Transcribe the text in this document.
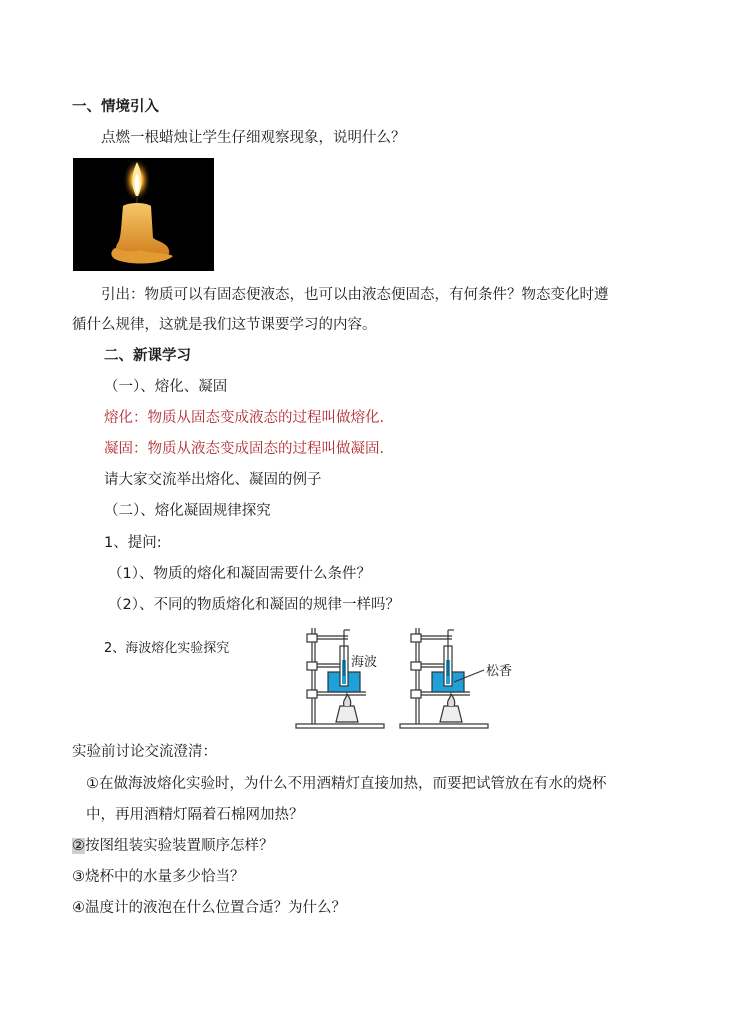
一、情境引入
点燃一根蜡烛让学生仔细观察现象，说明什么？
引出：物质可以有固态便液态，也可以由液态便固态，有何条件？物态变化时遵
循什么规律，这就是我们这节课要学习的内容。
二、新课学习
（一）、熔化、凝固
熔化：物质从固态变成液态的过程叫做熔化.
凝固：物质从液态变成固态的过程叫做凝固.
请大家交流举出熔化、凝固的例子
（二）、熔化凝固规律探究
1、提问:
（1）、物质的熔化和凝固需要什么条件？
（2）、不同的物质熔化和凝固的规律一样吗？
2、海波熔化实验探究
海波
松香
实验前讨论交流澄清：
①在做海波熔化实验时，为什么不用酒精灯直接加热，而要把试管放在有水的烧杯
中，再用酒精灯隔着石棉网加热？
②按图组装实验装置顺序怎样？
③烧杯中的水量多少恰当？
④温度计的液泡在什么位置合适？为什么？
